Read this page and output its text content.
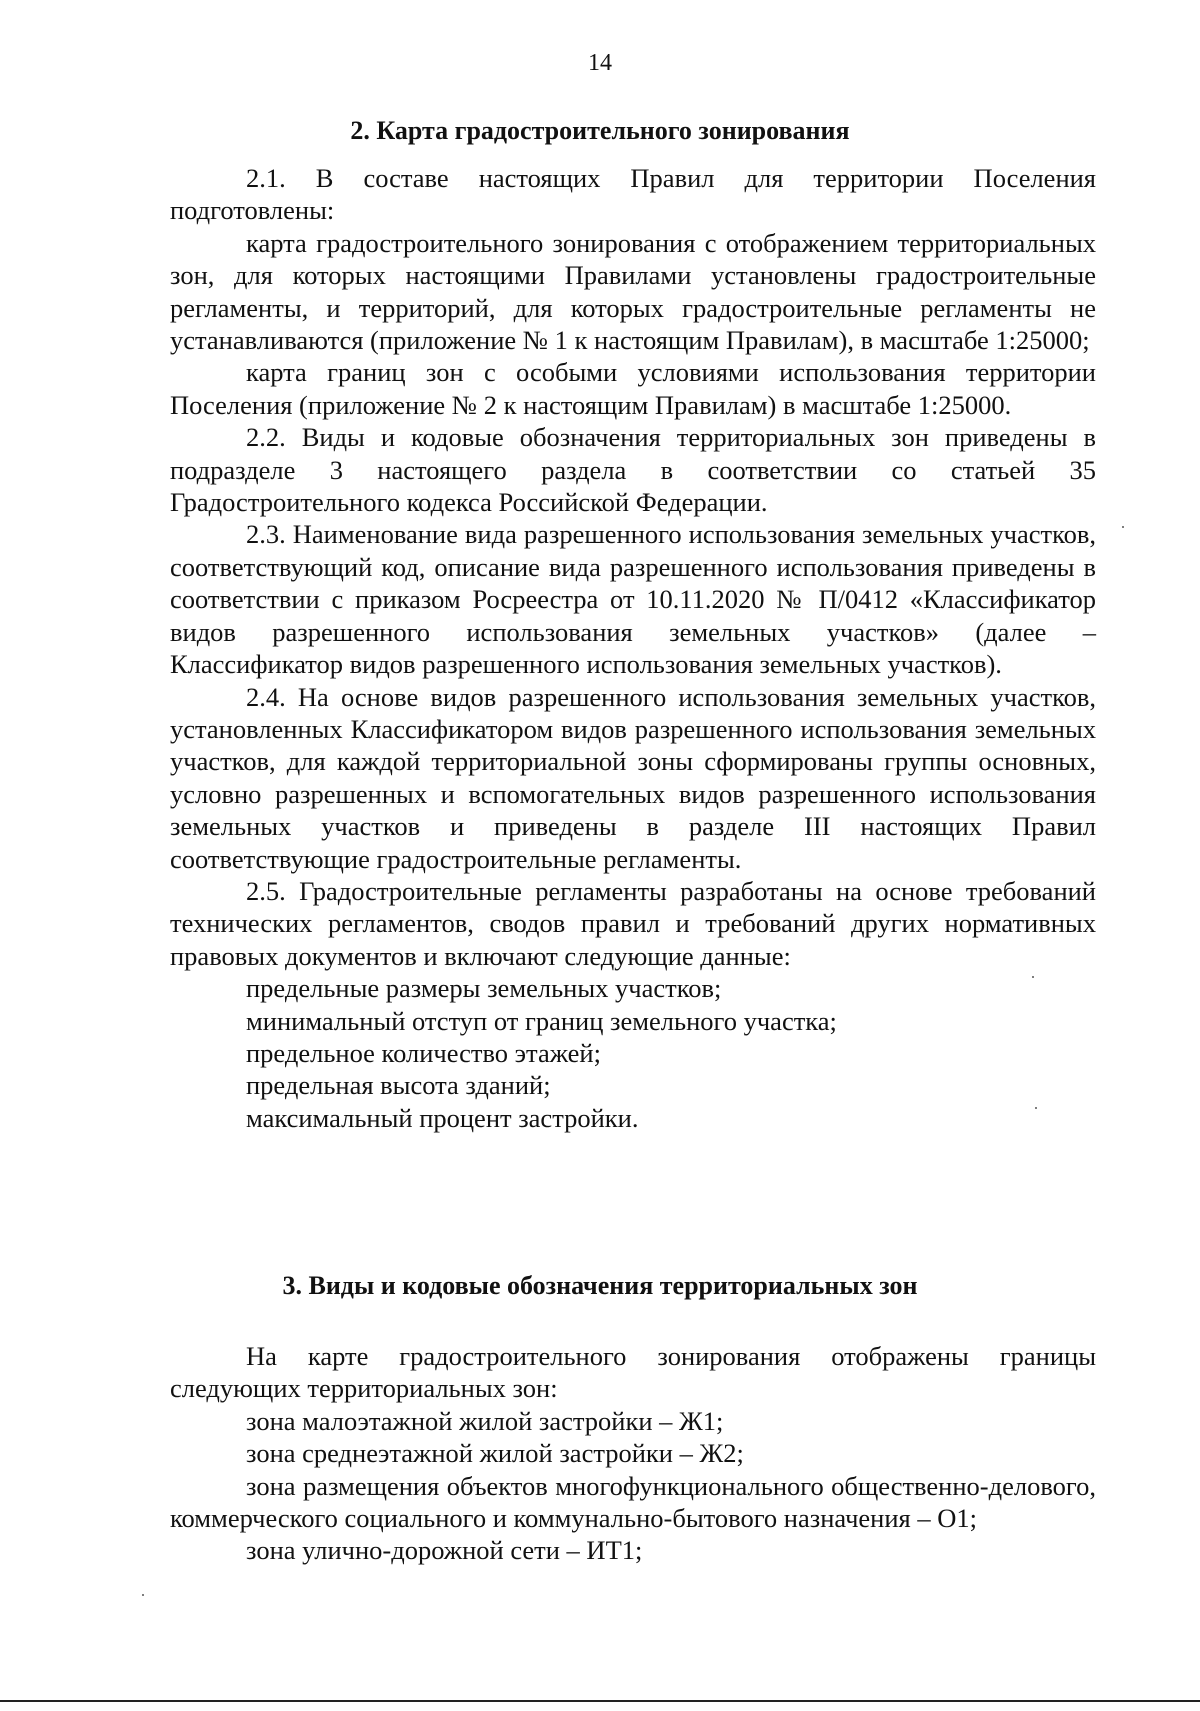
14
2. Карта градостроительного зонирования

2.1. В составе настоящих Правил для территории Поселения подготовлены:

карта градостроительного зонирования с отображением территориальных зон, для которых настоящими Правилами установлены градостроительные регламенты, и территорий, для которых градостроительные регламенты не устанавливаются (приложение № 1 к настоящим Правилам), в масштабе 1:25000;

карта границ зон с особыми условиями использования территории Поселения (приложение № 2 к настоящим Правилам) в масштабе 1:25000.

2.2. Виды и кодовые обозначения территориальных зон приведены в подразделе 3 настоящего раздела в соответствии со статьей 35 Градостроительного кодекса Российской Федерации.

2.3. Наименование вида разрешенного использования земельных участков, соответствующий код, описание вида разрешенного использования приведены в соответствии с приказом Росреестра от 10.11.2020 № П/0412 «Классификатор видов разрешенного использования земельных участков» (далее – Классификатор видов разрешенного использования земельных участков).

2.4. На основе видов разрешенного использования земельных участков, установленных Классификатором видов разрешенного использования земельных участков, для каждой территориальной зоны сформированы группы основных, условно разрешенных и вспомогательных видов разрешенного использования земельных участков и приведены в разделе III настоящих Правил соответствующие градостроительные регламенты.

2.5. Градостроительные регламенты разработаны на основе требований технических регламентов, сводов правил и требований других нормативных правовых документов и включают следующие данные:

предельные размеры земельных участков;

минимальный отступ от границ земельного участка;

предельное количество этажей;

предельная высота зданий;

максимальный процент застройки.

3. Виды и кодовые обозначения территориальных зон

На карте градостроительного зонирования отображены границы следующих территориальных зон:

зона малоэтажной жилой застройки – Ж1;

зона среднеэтажной жилой застройки – Ж2;

зона размещения объектов многофункционального общественно-делового, коммерческого социального и коммунально-бытового назначения – О1;

зона улично-дорожной сети – ИТ1;
